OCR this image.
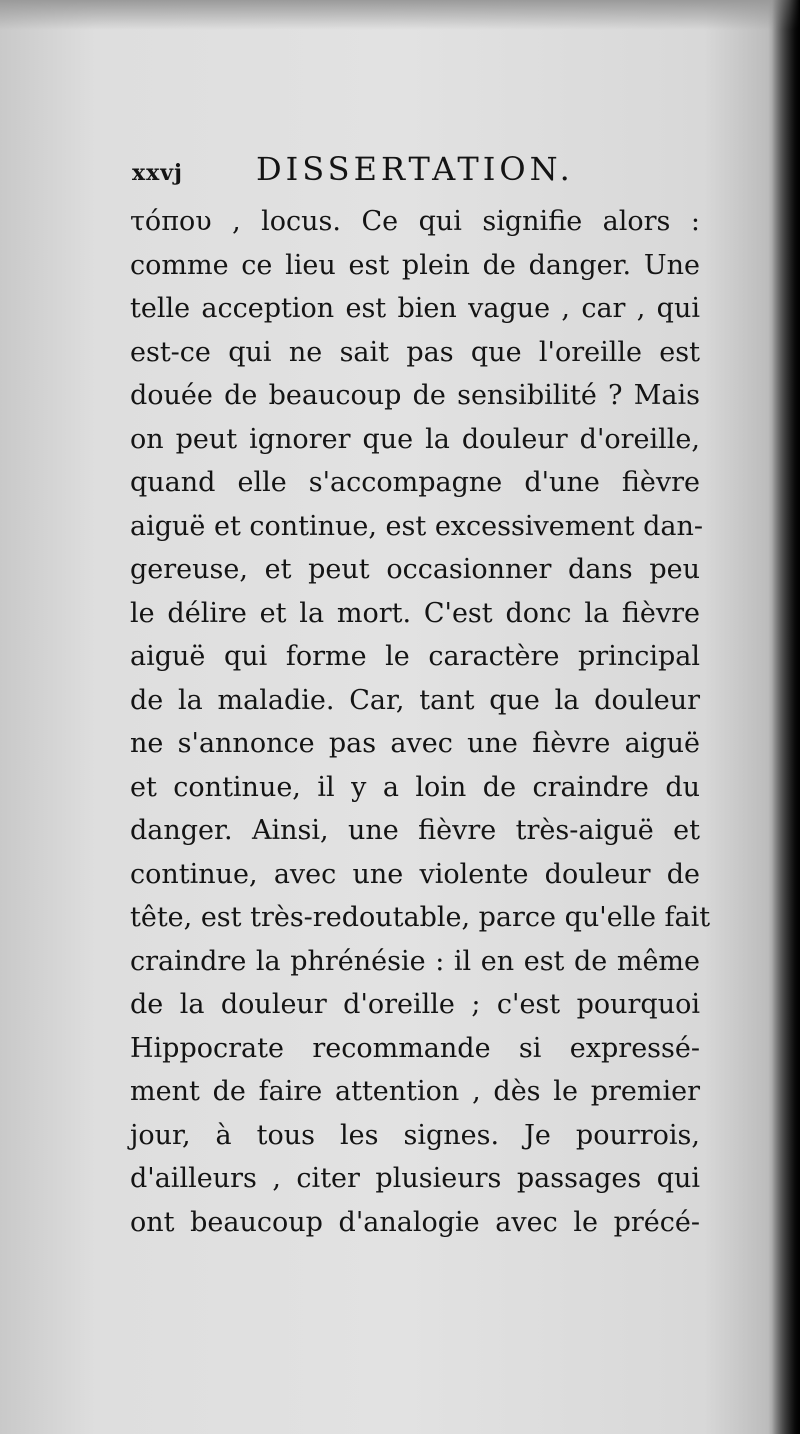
xxvj DISSERTATION.
τόπου , locus. Ce qui signifie alors :
comme ce lieu est plein de danger. Une
telle acception est bien vague , car , qui
est-ce qui ne sait pas que l'oreille est
douée de beaucoup de sensibilité ? Mais
on peut ignorer que la douleur d'oreille,
quand elle s'accompagne d'une fièvre
aiguë et continue, est excessivement dan-
gereuse, et peut occasionner dans peu
le délire et la mort. C'est donc la fièvre
aiguë qui forme le caractère principal
de la maladie. Car, tant que la douleur
ne s'annonce pas avec une fièvre aiguë
et continue, il y a loin de craindre du
danger. Ainsi, une fièvre très-aiguë et
continue, avec une violente douleur de
tête, est très-redoutable, parce qu'elle fait
craindre la phrénésie : il en est de même
de la douleur d'oreille ; c'est pourquoi
Hippocrate recommande si expressé-
ment de faire attention , dès le premier
jour, à tous les signes. Je pourrois,
d'ailleurs , citer plusieurs passages qui
ont beaucoup d'analogie avec le précé-
